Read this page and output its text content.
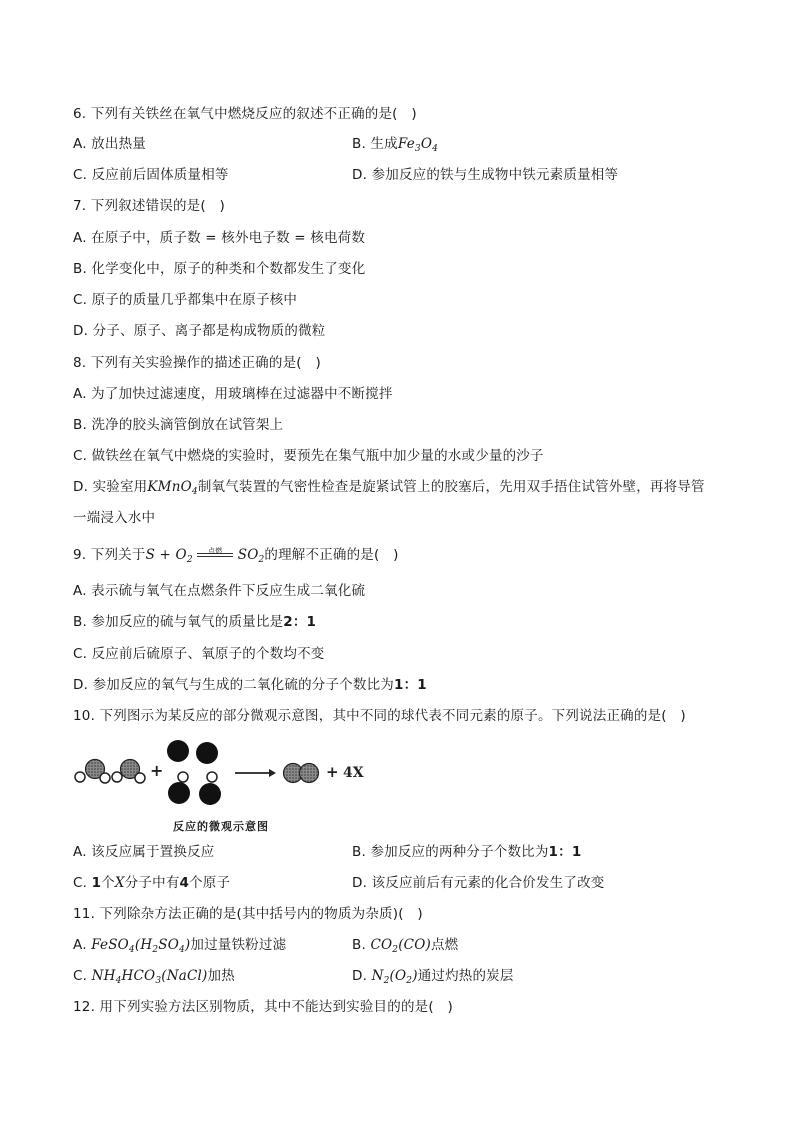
6. 下列有关铁丝在氧气中燃烧反应的叙述不正确的是(　)
A. 放出热量	B. 生成$Fe_3O_4$
C. 反应前后固体质量相等	D. 参加反应的铁与生成物中铁元素质量相等
7. 下列叙述错误的是(　)
A. 在原子中，质子数 = 核外电子数 = 核电荷数
B. 化学变化中，原子的种类和个数都发生了变化
C. 原子的质量几乎都集中在原子核中
D. 分子、原子、离子都是构成物质的微粒
8. 下列有关实验操作的描述正确的是(　)
A. 为了加快过滤速度，用玻璃棒在过滤器中不断搅拌
B. 洗净的胶头滴管倒放在试管架上
C. 做铁丝在氧气中燃烧的实验时，要预先在集气瓶中加少量的水或少量的沙子
D. 实验室用KMnO$_4$制氧气装置的气密性检查是旋紧试管上的胶塞后，先用双手捂住试管外壁，再将导管
一端浸入水中
9. 下列关于$S + O_2$
点燃	$SO_2$的理解不正确的是(　)
A. 表示硫与氧气在点燃条件下反应生成二氧化硫
B. 参加反应的硫与氧气的质量比是2：1
C. 反应前后硫原子、氧原子的个数均不变
D. 参加反应的氧气与生成的二氧化硫的分子个数比为1：1
10. 下列图示为某反应的部分微观示意图，其中不同的球代表不同元素的原子。下列说法正确的是(　)
+	+ 4X
反应的微观示意图
A. 该反应属于置换反应	B. 参加反应的两种分子个数比为1：1
C. 1个X分子中有4个原子	D. 该反应前后有元素的化合价发生了改变
11. 下列除杂方法正确的是(其中括号内的物质为杂质)(　)
A. $FeSO_4(H_2SO_4)$加过量铁粉过滤	B. $CO_2(CO)$点燃
C. $NH_4HCO_3(NaCl)$加热	D. $N_2(O_2)$通过灼热的炭层
12. 用下列实验方法区别物质，其中不能达到实验目的的是(　)
